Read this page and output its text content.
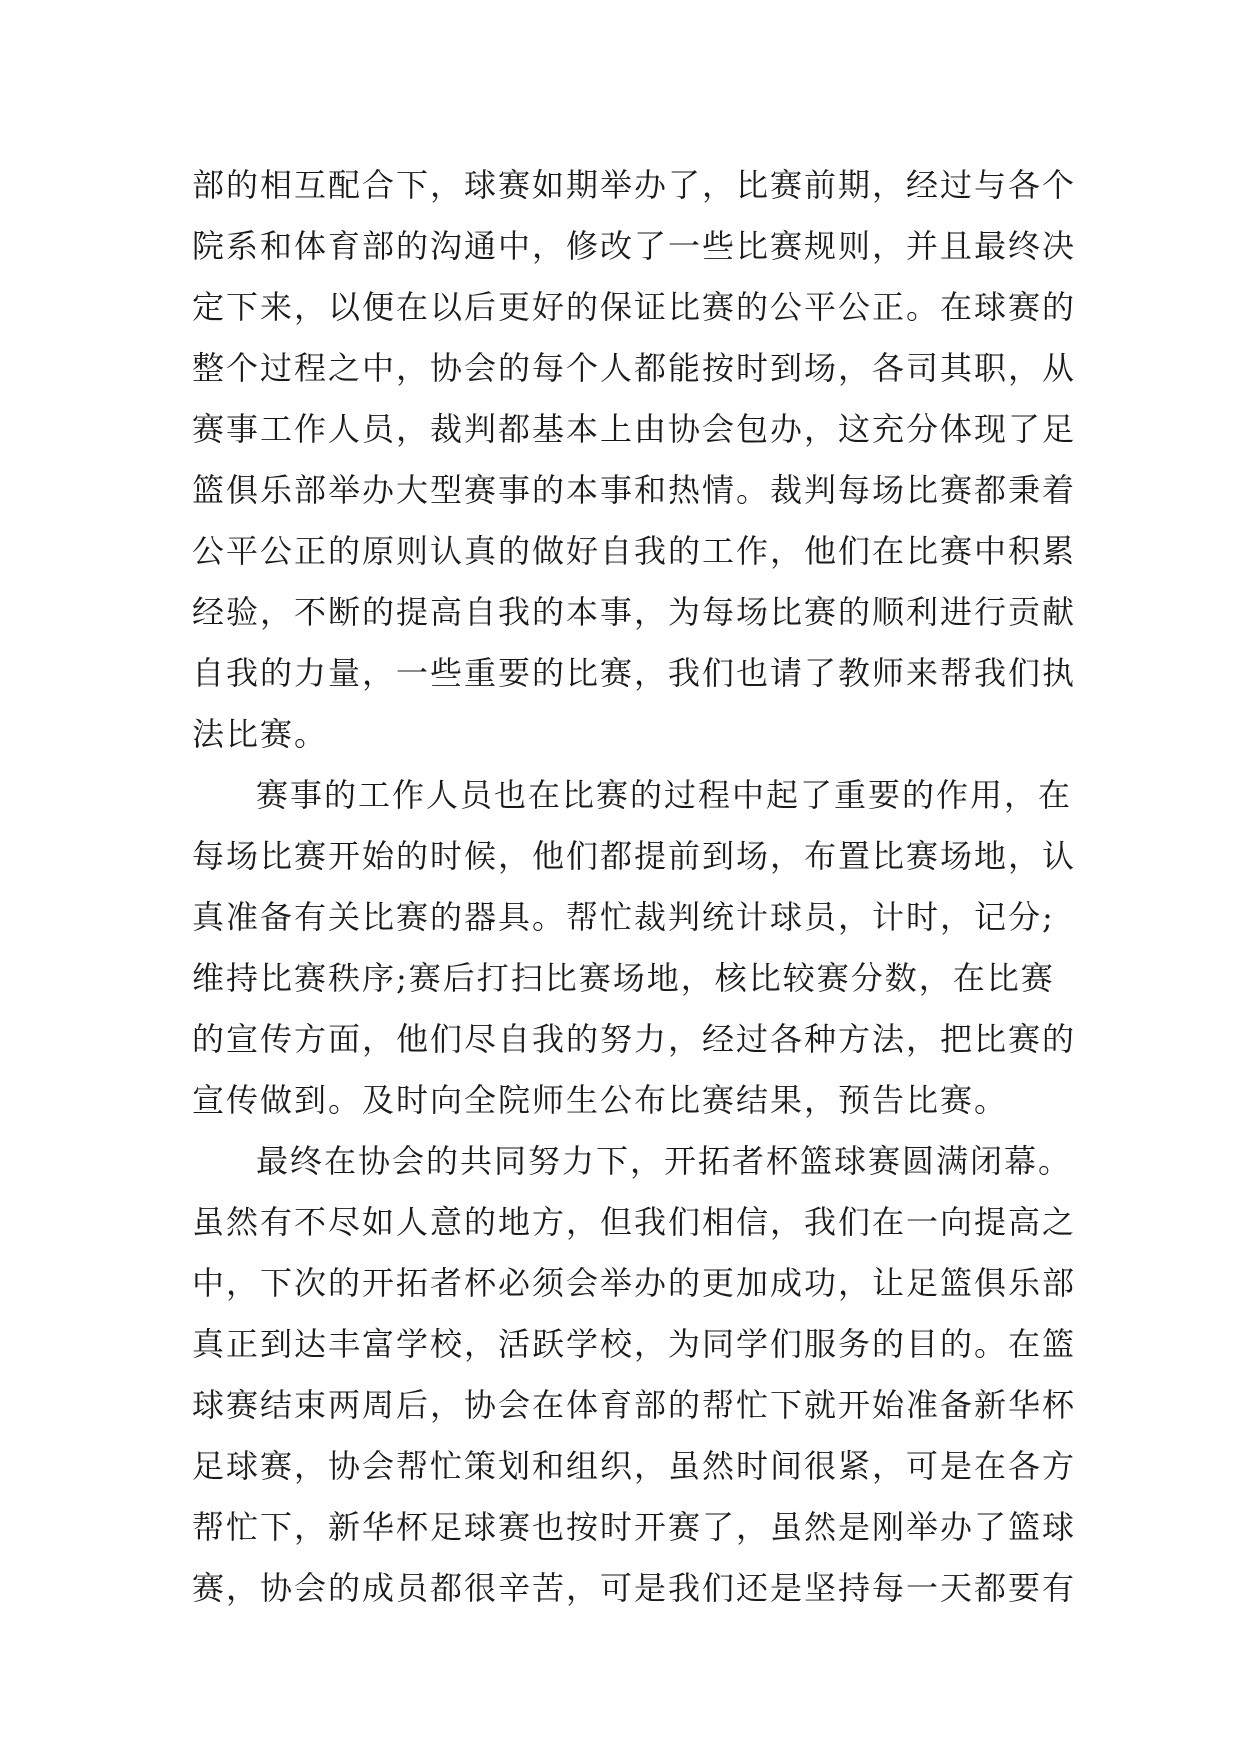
部的相互配合下，球赛如期举办了，比赛前期，经过与各个
院系和体育部的沟通中，修改了一些比赛规则，并且最终决
定下来，以便在以后更好的保证比赛的公平公正。在球赛的
整个过程之中，协会的每个人都能按时到场，各司其职，从
赛事工作人员，裁判都基本上由协会包办，这充分体现了足
篮俱乐部举办大型赛事的本事和热情。裁判每场比赛都秉着
公平公正的原则认真的做好自我的工作，他们在比赛中积累
经验，不断的提高自我的本事，为每场比赛的顺利进行贡献
自我的力量，一些重要的比赛，我们也请了教师来帮我们执
法比赛。
赛事的工作人员也在比赛的过程中起了重要的作用，在
每场比赛开始的时候，他们都提前到场，布置比赛场地，认
真准备有关比赛的器具。帮忙裁判统计球员，计时，记分;
维持比赛秩序;赛后打扫比赛场地，核比较赛分数，在比赛
的宣传方面，他们尽自我的努力，经过各种方法，把比赛的
宣传做到。及时向全院师生公布比赛结果，预告比赛。
最终在协会的共同努力下，开拓者杯篮球赛圆满闭幕。
虽然有不尽如人意的地方，但我们相信，我们在一向提高之
中，下次的开拓者杯必须会举办的更加成功，让足篮俱乐部
真正到达丰富学校，活跃学校，为同学们服务的目的。在篮
球赛结束两周后，协会在体育部的帮忙下就开始准备新华杯
足球赛，协会帮忙策划和组织，虽然时间很紧，可是在各方
帮忙下，新华杯足球赛也按时开赛了，虽然是刚举办了篮球
赛，协会的成员都很辛苦，可是我们还是坚持每一天都要有
